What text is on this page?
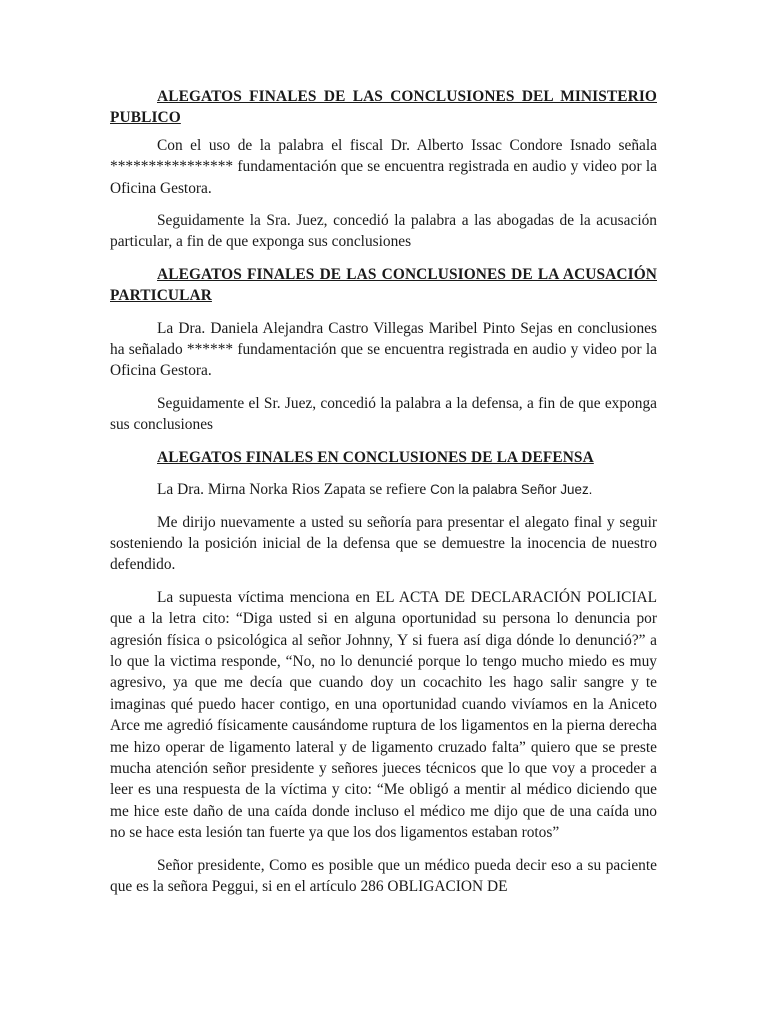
ALEGATOS FINALES DE LAS CONCLUSIONES DEL MINISTERIO PUBLICO

Con el uso de la palabra el fiscal Dr. Alberto Issac Condore Isnado señala **************** fundamentación que se encuentra registrada en audio y video por la Oficina Gestora.

Seguidamente la Sra. Juez, concedió la palabra a las abogadas de la acusación particular, a fin de que exponga sus conclusiones

ALEGATOS FINALES DE LAS CONCLUSIONES DE LA ACUSACIÓN PARTICULAR

La Dra. Daniela Alejandra Castro Villegas Maribel Pinto Sejas en conclusiones ha señalado ****** fundamentación que se encuentra registrada en audio y video por la Oficina Gestora.

Seguidamente el Sr. Juez, concedió la palabra a la defensa, a fin de que exponga sus conclusiones

ALEGATOS FINALES EN CONCLUSIONES DE LA DEFENSA

La Dra. Mirna Norka Rios Zapata se refiere Con la palabra Señor Juez.

Me dirijo nuevamente a usted su señoría para presentar el alegato final y seguir sosteniendo la posición inicial de la defensa que se demuestre la inocencia de nuestro defendido.

La supuesta víctima menciona en EL ACTA DE DECLARACIÓN POLICIAL que a la letra cito: “Diga usted si en alguna oportunidad su persona lo denuncia por agresión física o psicológica al señor Johnny, Y si fuera así diga dónde lo denunció?” a lo que la victima responde, “No, no lo denuncié porque lo tengo mucho miedo es muy agresivo, ya que me decía que cuando doy un cocachito les hago salir sangre y te imaginas qué puedo hacer contigo, en una oportunidad cuando vivíamos en la Aniceto Arce me agredió físicamente causándome ruptura de los ligamentos en la pierna derecha me hizo operar de ligamento lateral y de ligamento cruzado falta” quiero que se preste mucha atención señor presidente y señores jueces técnicos que lo que voy a proceder a leer es una respuesta de la víctima y cito: “Me obligó a mentir al médico diciendo que me hice este daño de una caída donde incluso el médico me dijo que de una caída uno no se hace esta lesión tan fuerte ya que los dos ligamentos estaban rotos”

Señor presidente, Como es posible que un médico pueda decir eso a su paciente que es la señora Peggui, si en el artículo 286 OBLIGACION DE
